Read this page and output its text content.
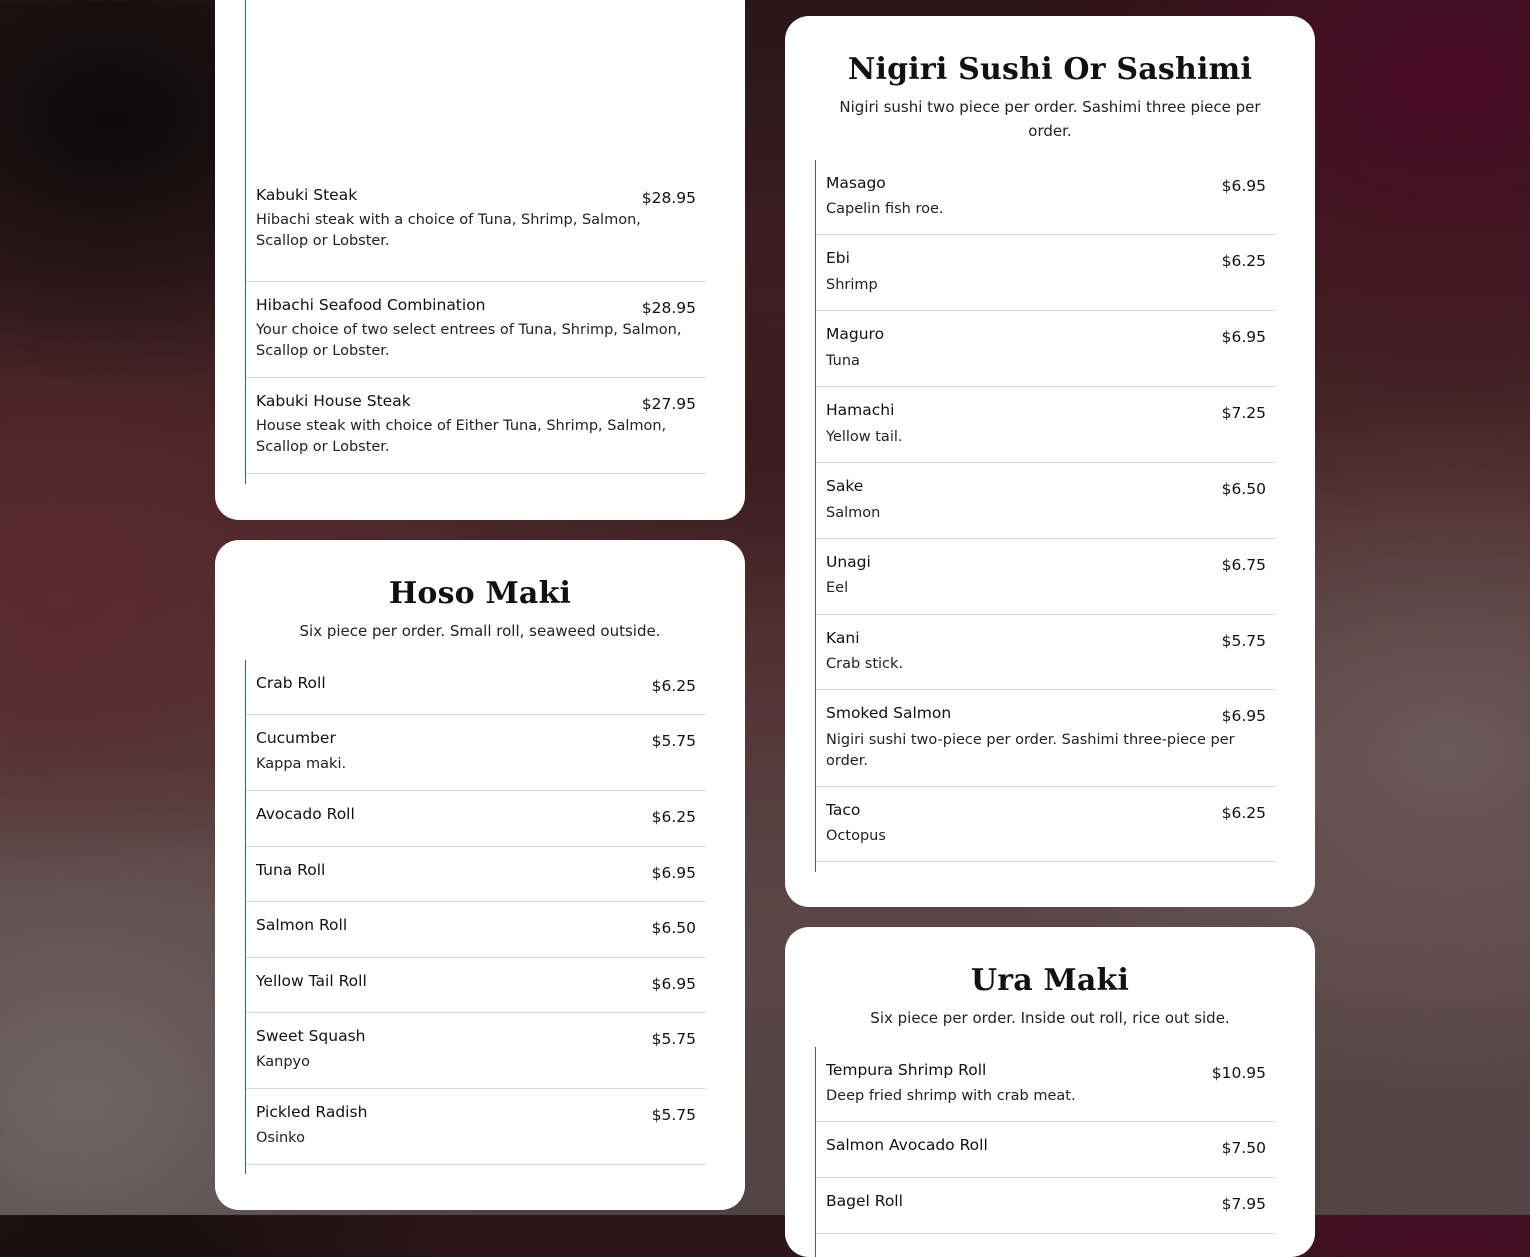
Kabuki Steak	$28.95
Hibachi steak with a choice of Tuna, Shrimp, Salmon, Scallop or Lobster.
Hibachi Seafood Combination	$28.95
Your choice of two select entrees of Tuna, Shrimp, Salmon, Scallop or Lobster.
Kabuki House Steak	$27.95
House steak with choice of Either Tuna, Shrimp, Salmon, Scallop or Lobster.
Hoso Maki
Six piece per order. Small roll, seaweed outside.
Crab Roll	$6.25
Cucumber	$5.75
Kappa maki.
Avocado Roll	$6.25
Tuna Roll	$6.95
Salmon Roll	$6.50
Yellow Tail Roll	$6.95
Sweet Squash	$5.75
Kanpyo
Pickled Radish	$5.75
Osinko
Nigiri Sushi Or Sashimi
Nigiri sushi two piece per order. Sashimi three piece per order.
Masago	$6.95
Capelin fish roe.
Ebi	$6.25
Shrimp
Maguro	$6.95
Tuna
Hamachi	$7.25
Yellow tail.
Sake	$6.50
Salmon
Unagi	$6.75
Eel
Kani	$5.75
Crab stick.
Smoked Salmon	$6.95
Nigiri sushi two-piece per order. Sashimi three-piece per order.
Taco	$6.25
Octopus
Ura Maki
Six piece per order. Inside out roll, rice out side.
Tempura Shrimp Roll	$10.95
Deep fried shrimp with crab meat.
Salmon Avocado Roll	$7.50
Bagel Roll	$7.95
